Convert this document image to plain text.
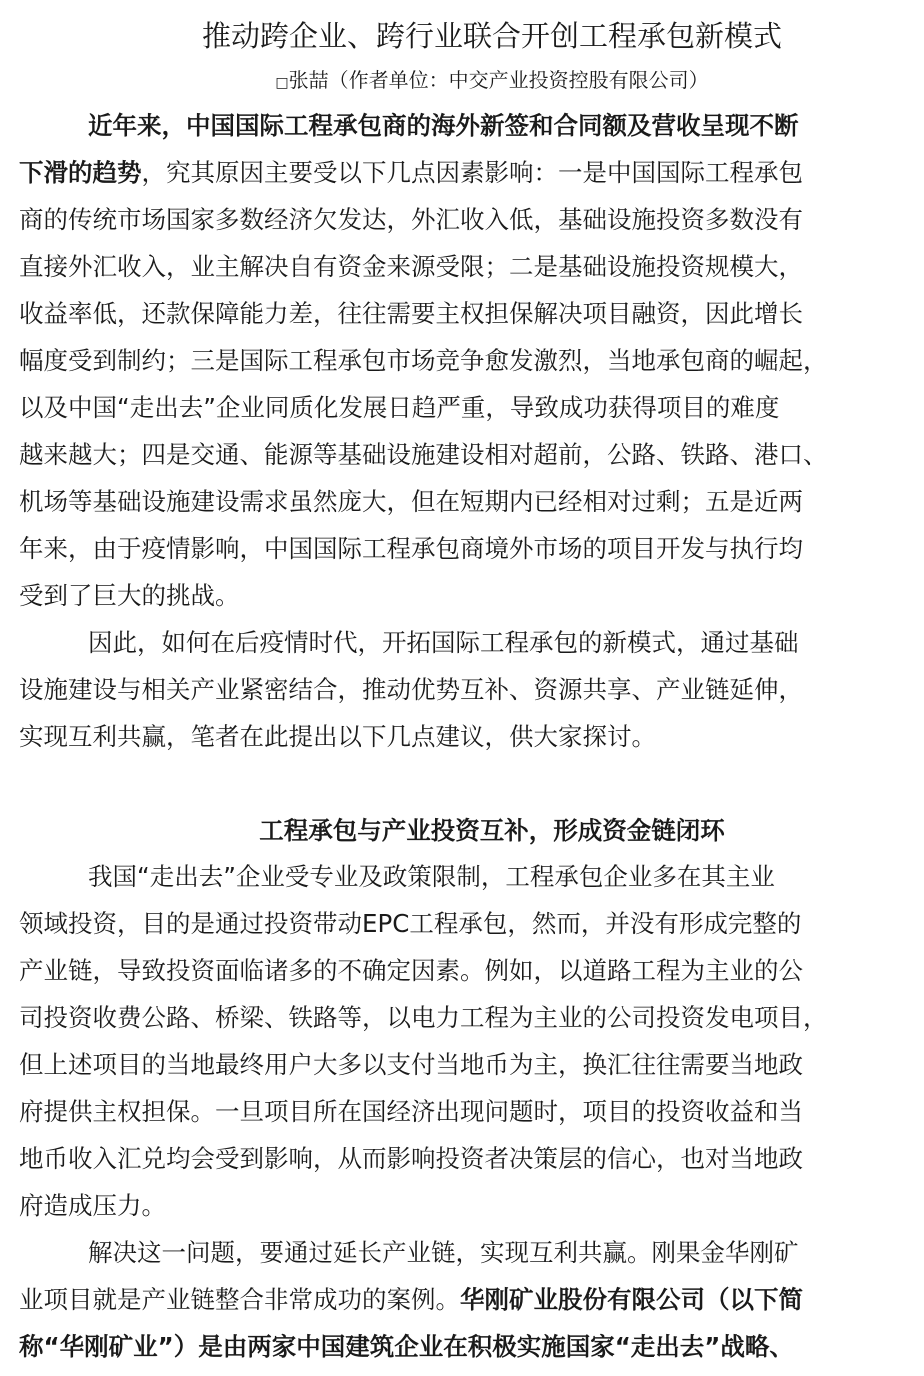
推动跨企业、跨行业联合开创工程承包新模式
□张喆（作者单位：中交产业投资控股有限公司）
近年来，中国国际工程承包商的海外新签和合同额及营收呈现不断
下滑的趋势，究其原因主要受以下几点因素影响：一是中国国际工程承包
商的传统市场国家多数经济欠发达，外汇收入低，基础设施投资多数没有
直接外汇收入，业主解决自有资金来源受限；二是基础设施投资规模大，
收益率低，还款保障能力差，往往需要主权担保解决项目融资，因此增长
幅度受到制约；三是国际工程承包市场竞争愈发激烈，当地承包商的崛起，
以及中国“走出去”企业同质化发展日趋严重，导致成功获得项目的难度
越来越大；四是交通、能源等基础设施建设相对超前，公路、铁路、港口、
机场等基础设施建设需求虽然庞大，但在短期内已经相对过剩；五是近两
年来，由于疫情影响，中国国际工程承包商境外市场的项目开发与执行均
受到了巨大的挑战。
因此，如何在后疫情时代，开拓国际工程承包的新模式，通过基础
设施建设与相关产业紧密结合，推动优势互补、资源共享、产业链延伸，
实现互利共赢，笔者在此提出以下几点建议，供大家探讨。
工程承包与产业投资互补，形成资金链闭环
我国“走出去”企业受专业及政策限制，工程承包企业多在其主业
领域投资，目的是通过投资带动EPC工程承包，然而，并没有形成完整的
产业链，导致投资面临诸多的不确定因素。例如，以道路工程为主业的公
司投资收费公路、桥梁、铁路等，以电力工程为主业的公司投资发电项目，
但上述项目的当地最终用户大多以支付当地币为主，换汇往往需要当地政
府提供主权担保。一旦项目所在国经济出现问题时，项目的投资收益和当
地币收入汇兑均会受到影响，从而影响投资者决策层的信心，也对当地政
府造成压力。
解决这一问题，要通过延长产业链，实现互利共赢。刚果金华刚矿
业项目就是产业链整合非常成功的案例。华刚矿业股份有限公司（以下简
称“华刚矿业”）是由两家中国建筑企业在积极实施国家“走出去”战略、
